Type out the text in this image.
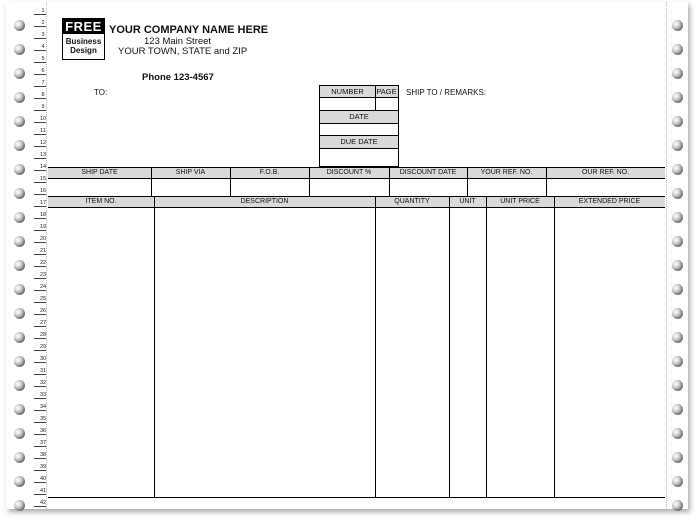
1
2
3
4
5
6
7
8
9
10
11
12
13
14
15
16
17
18
19
20
21
22
23
24
25
26
27
28
29
30
31
32
33
34
35
36
37
38
39
40
41
42
FREE
Business
Design
YOUR COMPANY NAME HERE
123 Main Street
YOUR TOWN, STATE and ZIP
Phone 123-4567
TO:	SHIP TO / REMARKS:
NUMBER	PAGE
DATE
DUE DATE
SHIP DATE	SHIP VIA	F.O.B.	DISCOUNT %	DISCOUNT DATE	YOUR REF. NO.	OUR REF. NO.
ITEM NO.	DESCRIPTION	QUANTITY	UNIT	UNIT PRICE	EXTENDED PRICE
